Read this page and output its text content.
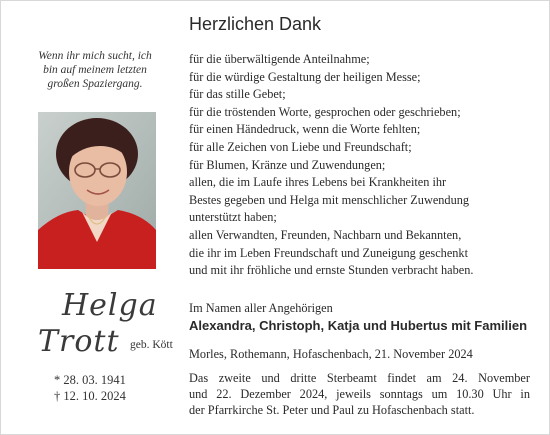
Wenn ihr mich sucht, ich
bin auf meinem letzten
großen Spaziergang.
Helga
Trott geb. Kött
* 28. 03. 1941
† 12. 10. 2024
Herzlichen Dank
für die überwältigende Anteilnahme;
für die würdige Gestaltung der heiligen Messe;
für das stille Gebet;
für die tröstenden Worte, gesprochen oder geschrieben;
für einen Händedruck, wenn die Worte fehlten;
für alle Zeichen von Liebe und Freundschaft;
für Blumen, Kränze und Zuwendungen;
allen, die im Laufe ihres Lebens bei Krankheiten ihr
Bestes gegeben und Helga mit menschlicher Zuwendung
unterstützt haben;
allen Verwandten, Freunden, Nachbarn und Bekannten,
die ihr im Leben Freundschaft und Zuneigung geschenkt
und mit ihr fröhliche und ernste Stunden verbracht haben.
Im Namen aller Angehörigen
Alexandra, Christoph, Katja und Hubertus mit Familien
Morles, Rothemann, Hofaschenbach, 21. November 2024
Das zweite und dritte Sterbeamt findet am 24. November
und 22. Dezember 2024, jeweils sonntags um 10.30 Uhr in
der Pfarrkirche St. Peter und Paul zu Hofaschenbach statt.
